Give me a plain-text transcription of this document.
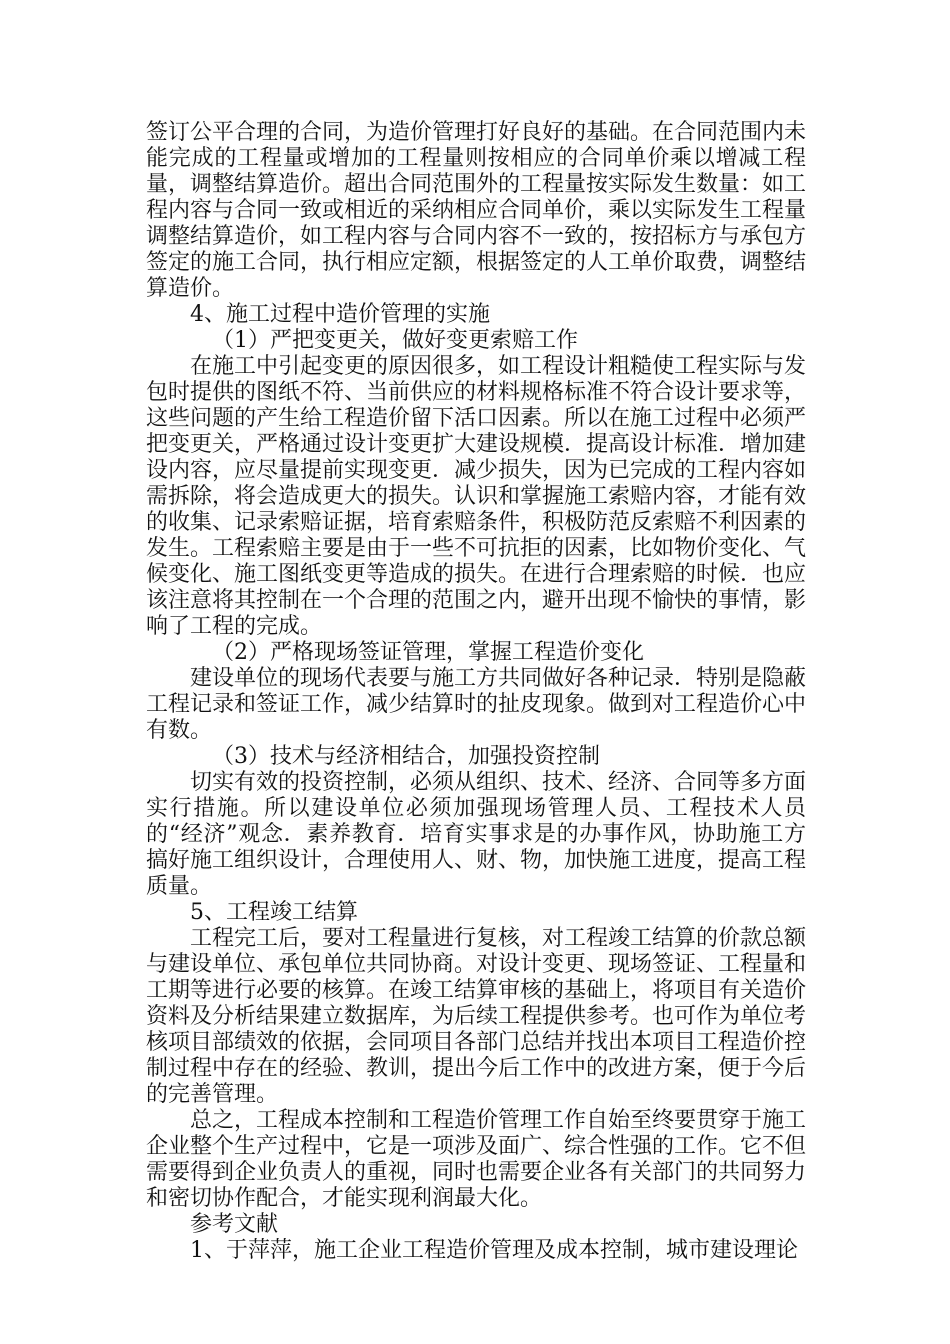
签订公平合理的合同，为造价管理打好良好的基础。在合同范围内未能完成的工程量或增加的工程量则按相应的合同单价乘以增减工程量，调整结算造价。超出合同范围外的工程量按实际发生数量：如工程内容与合同一致或相近的采纳相应合同单价，乘以实际发生工程量调整结算造价，如工程内容与合同内容不一致的，按招标方与承包方签定的施工合同，执行相应定额，根据签定的人工单价取费，调整结算造价。

4、施工过程中造价管理的实施

（1）严把变更关，做好变更索赔工作

在施工中引起变更的原因很多，如工程设计粗糙使工程实际与发包时提供的图纸不符、当前供应的材料规格标准不符合设计要求等，这些问题的产生给工程造价留下活口因素。所以在施工过程中必须严把变更关，严格通过设计变更扩大建设规模．提高设计标准．增加建设内容，应尽量提前实现变更．减少损失，因为已完成的工程内容如需拆除，将会造成更大的损失。认识和掌握施工索赔内容，才能有效的收集、记录索赔证据，培育索赔条件，积极防范反索赔不利因素的发生。工程索赔主要是由于一些不可抗拒的因素，比如物价变化、气候变化、施工图纸变更等造成的损失。在进行合理索赔的时候．也应该注意将其控制在一个合理的范围之内，避开出现不愉快的事情，影响了工程的完成。

（2）严格现场签证管理，掌握工程造价变化

建设单位的现场代表要与施工方共同做好各种记录．特别是隐蔽工程记录和签证工作，减少结算时的扯皮现象。做到对工程造价心中有数。

（3）技术与经济相结合，加强投资控制

切实有效的投资控制，必须从组织、技术、经济、合同等多方面实行措施。所以建设单位必须加强现场管理人员、工程技术人员的“经济”观念．素养教育．培育实事求是的办事作风，协助施工方搞好施工组织设计，合理使用人、财、物，加快施工进度，提高工程质量。

5、工程竣工结算

工程完工后，要对工程量进行复核，对工程竣工结算的价款总额与建设单位、承包单位共同协商。对设计变更、现场签证、工程量和工期等进行必要的核算。在竣工结算审核的基础上，将项目有关造价资料及分析结果建立数据库，为后续工程提供参考。也可作为单位考核项目部绩效的依据，会同项目各部门总结并找出本项目工程造价控制过程中存在的经验、教训，提出今后工作中的改进方案，便于今后的完善管理。

总之，工程成本控制和工程造价管理工作自始至终要贯穿于施工企业整个生产过程中，它是一项涉及面广、综合性强的工作。它不但需要得到企业负责人的重视，同时也需要企业各有关部门的共同努力和密切协作配合，才能实现利润最大化。

参考文献

1、于萍萍，施工企业工程造价管理及成本控制，城市建设理论
